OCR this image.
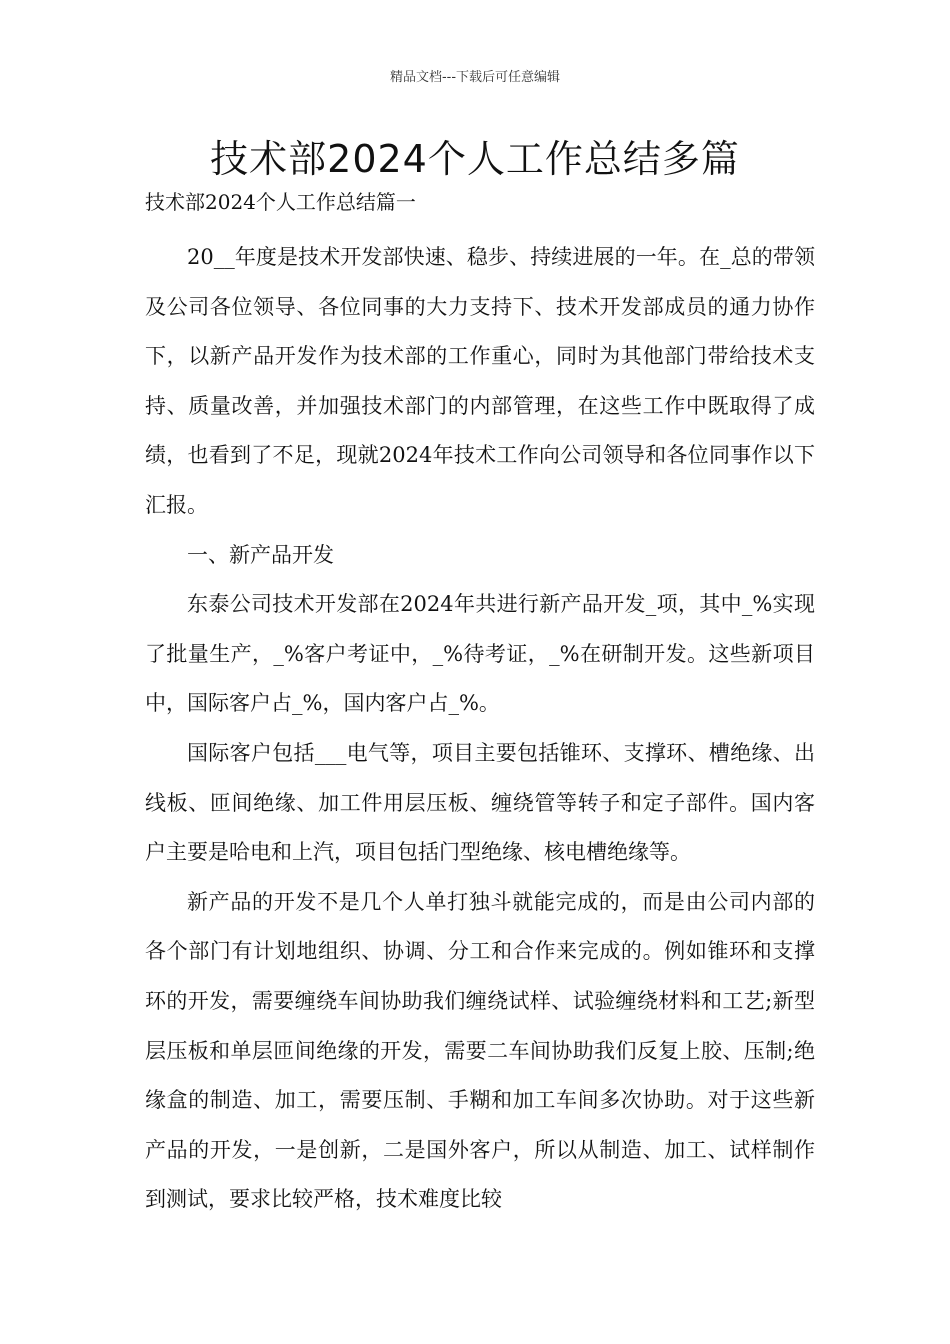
精品文档---下载后可任意编辑
技术部2024个人工作总结多篇
技术部2024个人工作总结篇一

20__年度是技术开发部快速、稳步、持续进展的一年。在_总的带领及公司各位领导、各位同事的大力支持下、技术开发部成员的通力协作下，以新产品开发作为技术部的工作重心，同时为其他部门带给技术支持、质量改善，并加强技术部门的内部管理，在这些工作中既取得了成绩，也看到了不足，现就2024年技术工作向公司领导和各位同事作以下汇报。

一、新产品开发

东泰公司技术开发部在2024年共进行新产品开发_项，其中_%实现了批量生产，_%客户考证中，_%待考证，_%在研制开发。这些新项目中，国际客户占_%，国内客户占_%。

国际客户包括___电气等，项目主要包括锥环、支撑环、槽绝缘、出线板、匝间绝缘、加工件用层压板、缠绕管等转子和定子部件。国内客户主要是哈电和上汽，项目包括门型绝缘、核电槽绝缘等。

新产品的开发不是几个人单打独斗就能完成的，而是由公司内部的各个部门有计划地组织、协调、分工和合作来完成的。例如锥环和支撑环的开发，需要缠绕车间协助我们缠绕试样、试验缠绕材料和工艺;新型层压板和单层匝间绝缘的开发，需要二车间协助我们反复上胶、压制;绝缘盒的制造、加工，需要压制、手糊和加工车间多次协助。对于这些新产品的开发，一是创新，二是国外客户，所以从制造、加工、试样制作到测试，要求比较严格，技术难度比较
